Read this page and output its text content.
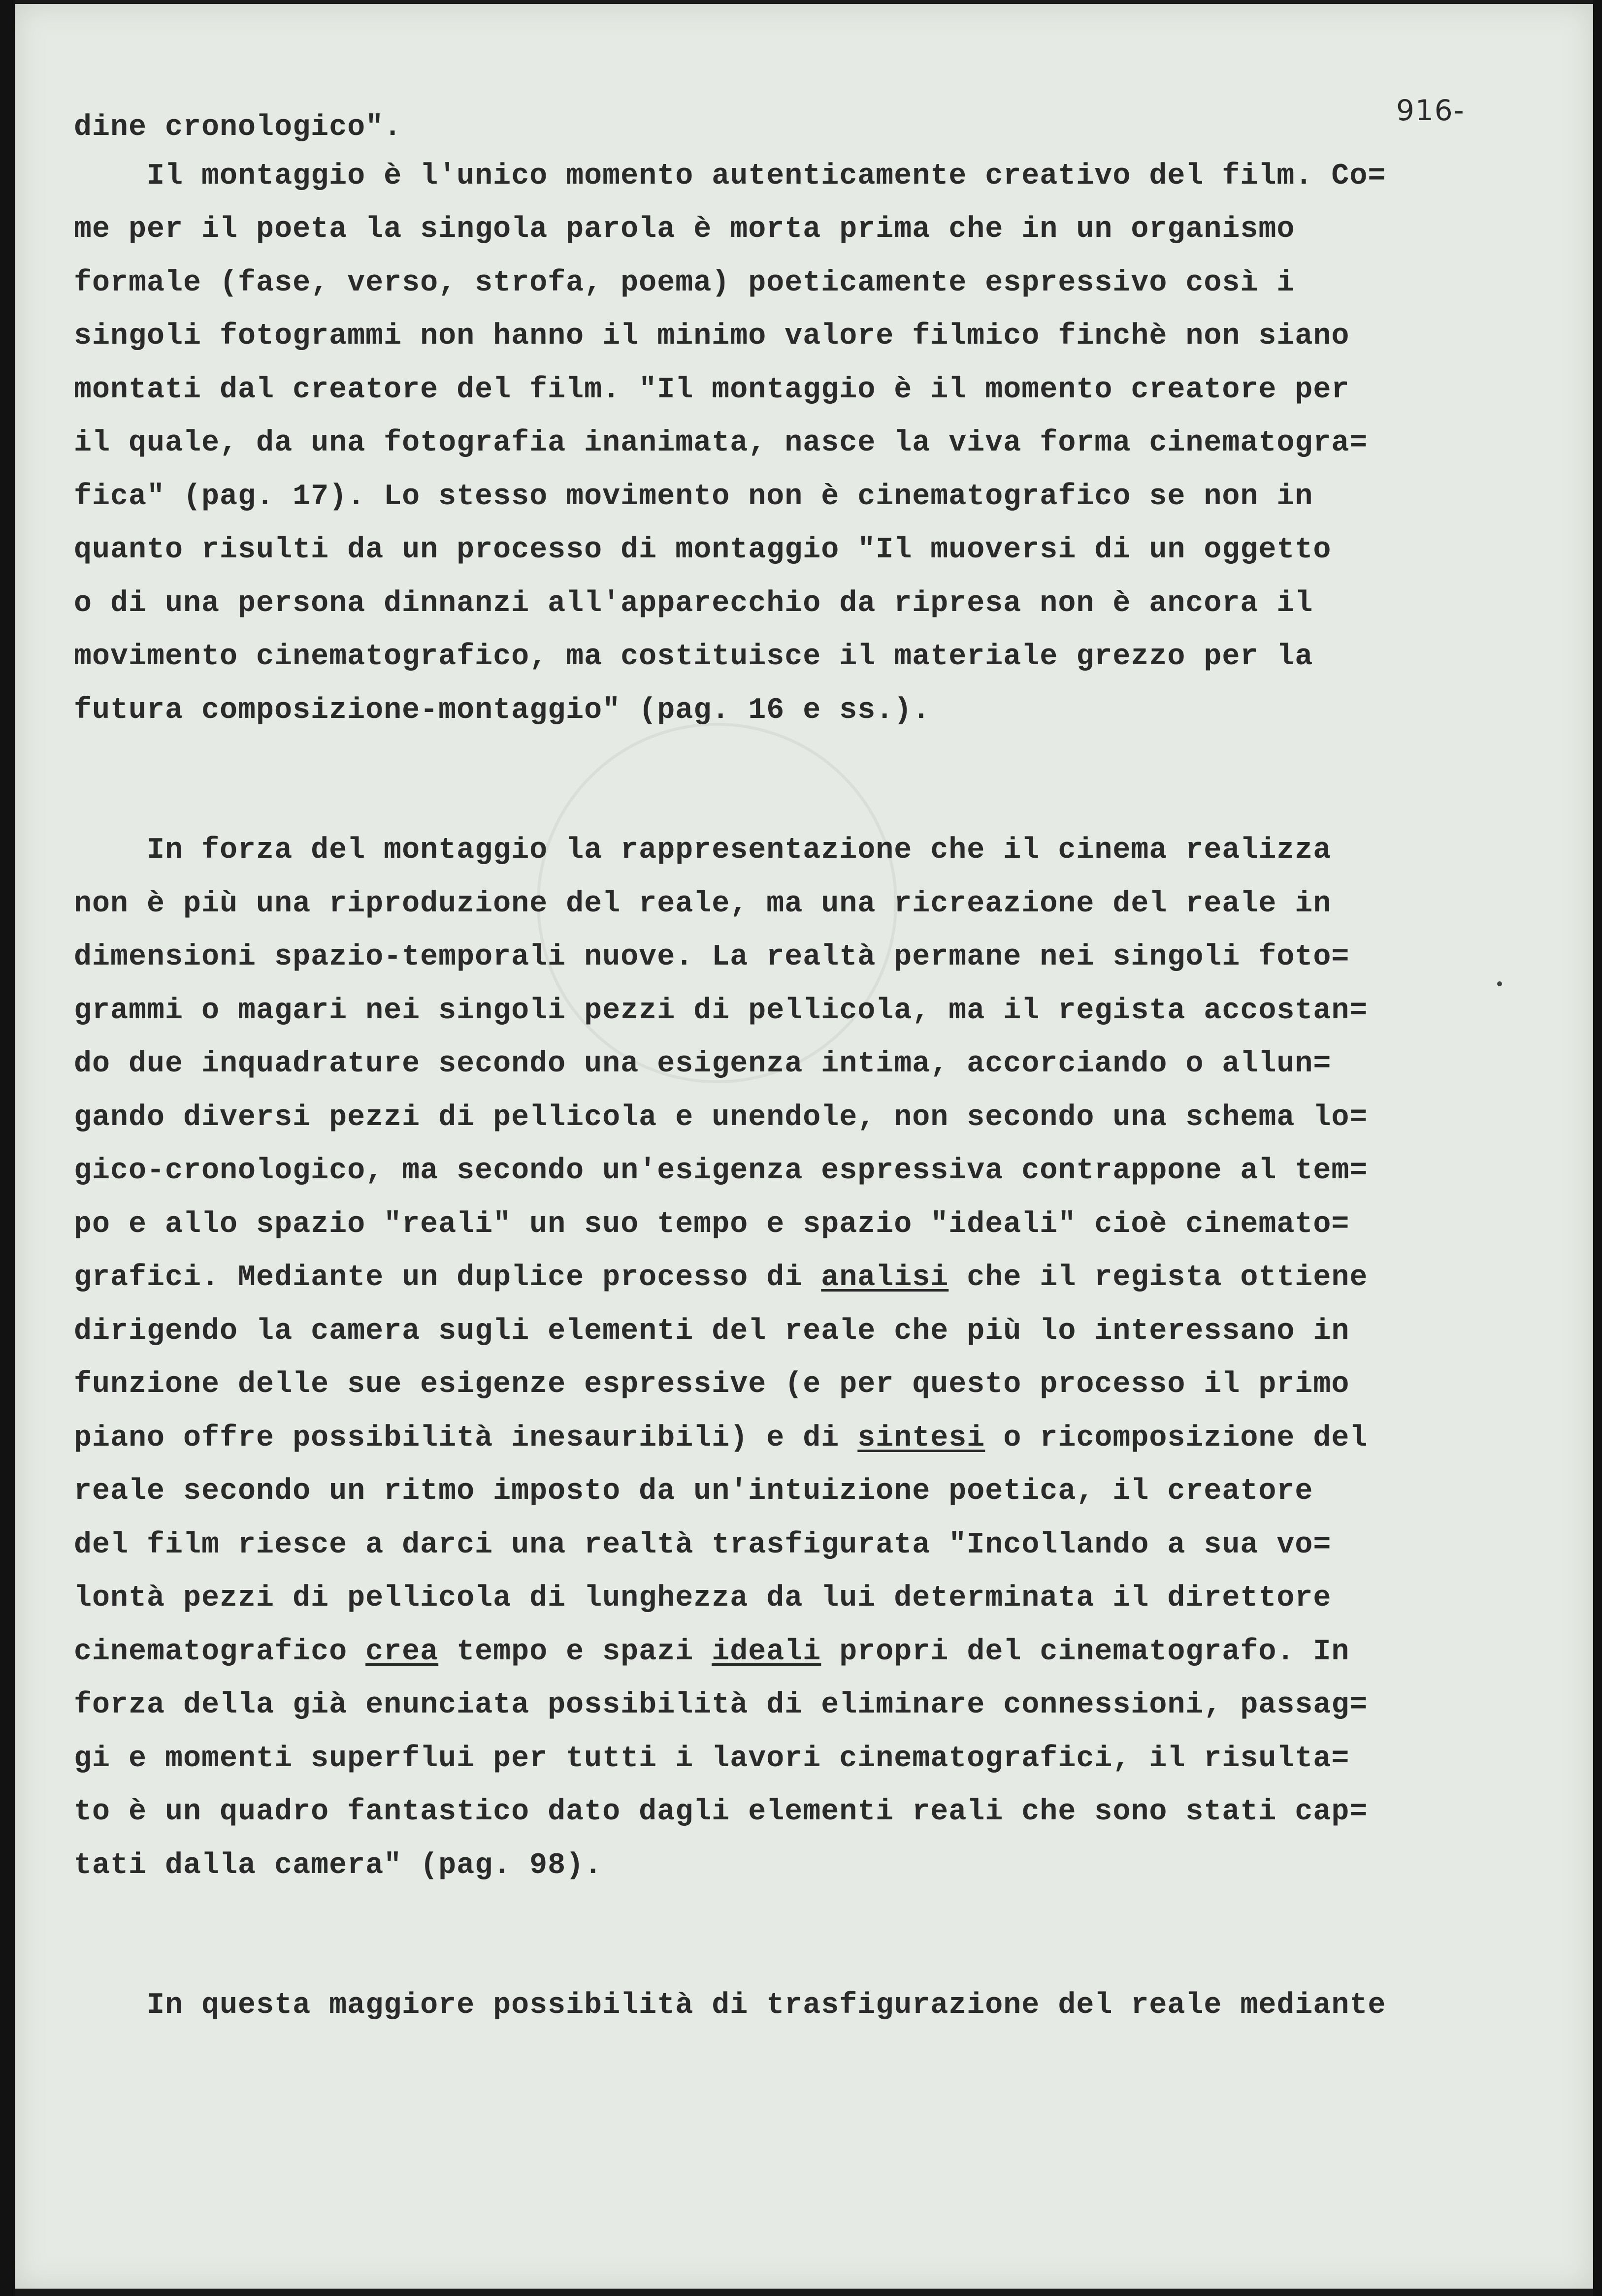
916-
dine cronologico".
Il montaggio è l'unico momento autenticamente creativo del film. Co=
me per il poeta la singola parola è morta prima che in un organismo
formale (fase, verso, strofa, poema) poeticamente espressivo così i
singoli fotogrammi non hanno il minimo valore filmico finchè non siano
montati dal creatore del film. "Il montaggio è il momento creatore per
il quale, da una fotografia inanimata, nasce la viva forma cinematogra=
fica" (pag. 17). Lo stesso movimento non è cinematografico se non in
quanto risulti da un processo di montaggio "Il muoversi di un oggetto
o di una persona dinnanzi all'apparecchio da ripresa non è ancora il
movimento cinematografico, ma costituisce il materiale grezzo per la
futura composizione-montaggio" (pag. 16 e ss.).
In forza del montaggio la rappresentazione che il cinema realizza
non è più una riproduzione del reale, ma una ricreazione del reale in
dimensioni spazio-temporali nuove. La realtà permane nei singoli foto=
grammi o magari nei singoli pezzi di pellicola, ma il regista accostan=
do due inquadrature secondo una esigenza intima, accorciando o allun=
gando diversi pezzi di pellicola e unendole, non secondo una schema lo=
gico-cronologico, ma secondo un'esigenza espressiva contrappone al tem=
po e allo spazio "reali" un suo tempo e spazio "ideali" cioè cinemato=
grafici. Mediante un duplice processo di analisi che il regista ottiene
dirigendo la camera sugli elementi del reale che più lo interessano in
funzione delle sue esigenze espressive (e per questo processo il primo
piano offre possibilità inesauribili) e di sintesi o ricomposizione del
reale secondo un ritmo imposto da un'intuizione poetica, il creatore
del film riesce a darci una realtà trasfigurata "Incollando a sua vo=
lontà pezzi di pellicola di lunghezza da lui determinata il direttore
cinematografico crea tempo e spazi ideali propri del cinematografo. In
forza della già enunciata possibilità di eliminare connessioni, passag=
gi e momenti superflui per tutti i lavori cinematografici, il risulta=
to è un quadro fantastico dato dagli elementi reali che sono stati cap=
tati dalla camera" (pag. 98).
In questa maggiore possibilità di trasfigurazione del reale mediante
